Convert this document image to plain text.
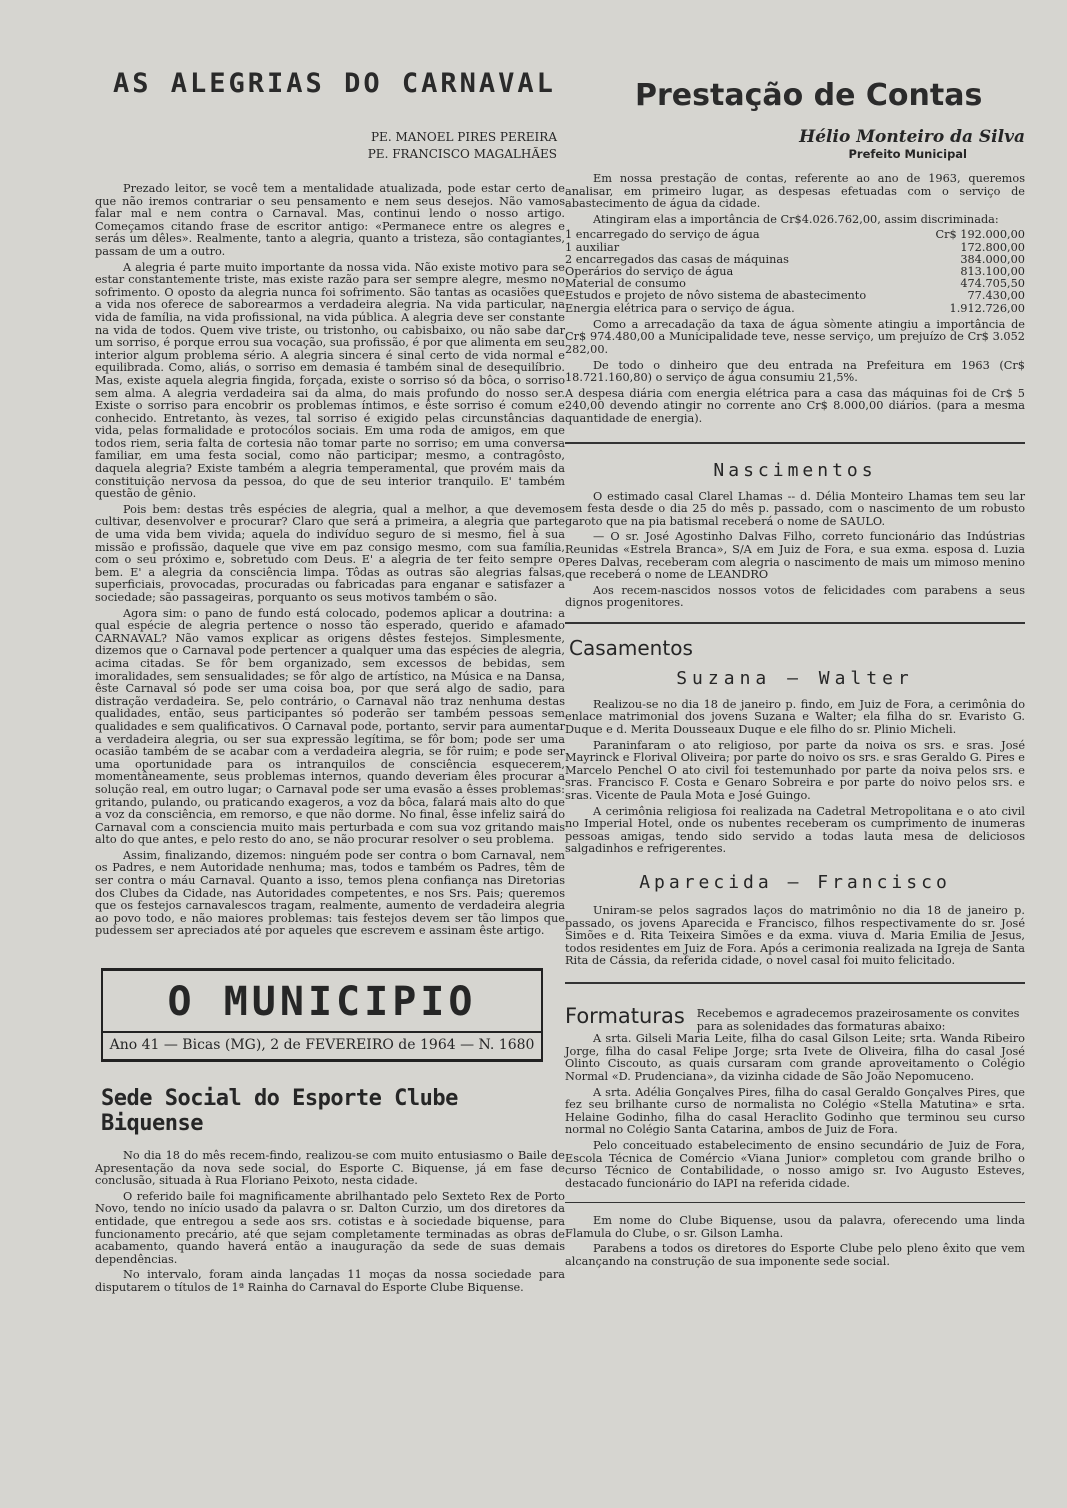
AS ALEGRIAS DO CARNAVAL
PE. MANOEL PIRES PEREIRA
PE. FRANCISCO MAGALHÃES

Prezado leitor, se você tem a mentalidade atualizada, pode estar certo de que não iremos contrariar o seu pensamento e nem seus desejos. Não vamos falar mal e nem contra o Carnaval. Mas, continui lendo o nosso artigo. Começamos citando frase de escritor antigo: «Permanece entre os alegres e serás um dêles». Realmente, tanto a alegria, quanto a tristeza, são contagiantes, passam de um a outro.

A alegria é parte muito importante da nossa vida. Não existe motivo para se estar constantemente triste, mas existe razão para ser sempre alegre, mesmo no sofrimento. O oposto da alegria nunca foi sofrimento. São tantas as ocasiões que a vida nos oferece de saborearmos a verdadeira alegria. Na vida particular, na vida de família, na vida profissional, na vida pública. A alegria deve ser constante na vida de todos. Quem vive triste, ou tristonho, ou cabisbaixo, ou não sabe dar um sorriso, é porque errou sua vocação, sua profissão, é por que alimenta em seu interior algum problema sério. A alegria sincera é sinal certo de vida normal e equilibrada. Como, aliás, o sorriso em demasia é também sinal de desequilíbrio. Mas, existe aquela alegria fingida, forçada, existe o sorriso só da bôca, o sorriso sem alma. A alegria verdadeira sai da alma, do mais profundo do nosso ser. Existe o sorriso para encobrir os problemas íntimos, e êste sorriso é comum e conhecido. Entretanto, às vezes, tal sorriso é exigido pelas circunstâncias da vida, pelas formalidade e protocólos sociais. Em uma roda de amigos, em que todos riem, seria falta de cortesia não tomar parte no sorriso; em uma conversa familiar, em uma festa social, como não participar; mesmo, a contragôsto, daquela alegria? Existe também a alegria temperamental, que provém mais da constituição nervosa da pessoa, do que de seu interior tranquilo. E' também questão de gênio.

Pois bem: destas três espécies de alegria, qual a melhor, a que devemos cultivar, desenvolver e procurar? Claro que será a primeira, a alegria que parte de uma vida bem vivida; aquela do indivíduo seguro de si mesmo, fiel à sua missão e profissão, daquele que vive em paz consigo mesmo, com sua família, com o seu próximo e, sobretudo com Deus. E' a alegria de ter feito sempre o bem. E' a alegria da consciência limpa. Tôdas as outras são alegrias falsas, superficiais, provocadas, procuradas ou fabricadas para enganar e satisfazer a sociedade; são passageiras, porquanto os seus motivos também o são.

Agora sim: o pano de fundo está colocado, podemos aplicar a doutrina: a qual espécie de alegria pertence o nosso tão esperado, querido e afamado CARNAVAL? Não vamos explicar as origens dêstes festejos. Simplesmente, dizemos que o Carnaval pode pertencer a qualquer uma das espécies de alegria, acima citadas. Se fôr bem organizado, sem excessos de bebidas, sem imoralidades, sem sensualidades; se fôr algo de artístico, na Música e na Dansa, êste Carnaval só pode ser uma coisa boa, por que será algo de sadio, para distração verdadeira. Se, pelo contrário, o Carnaval não traz nenhuma destas qualidades, então, seus participantes só poderão ser também pessoas sem qualidades e sem qualificativos. O Carnaval pode, portanto, servir para aumentar a verdadeira alegria, ou ser sua expressão legítima, se fôr bom; pode ser uma ocasião também de se acabar com a verdadeira alegria, se fôr ruim; e pode ser uma oportunidade para os intranquilos de consciência esquecerem, momentâneamente, seus problemas internos, quando deveriam êles procurar a solução real, em outro lugar; o Carnaval pode ser uma evasão a êsses problemas: gritando, pulando, ou praticando exageros, a voz da bôca, falará mais alto do que a voz da consciência, em remorso, e que não dorme. No final, êsse infeliz sairá do Carnaval com a consciencia muito mais perturbada e com sua voz gritando mais alto do que antes, e pelo resto do ano, se não procurar resolver o seu problema.

Assim, finalizando, dizemos: ninguém pode ser contra o bom Carnaval, nem os Padres, e nem Autoridade nenhuma; mas, todos e também os Padres, têm de ser contra o máu Carnaval. Quanto a isso, temos plena confiança nas Diretorias dos Clubes da Cidade, nas Autoridades competentes, e nos Srs. Pais; queremos que os festejos carnavalescos tragam, realmente, aumento de verdadeira alegria ao povo todo, e não maiores problemas: tais festejos devem ser tão limpos que pudessem ser apreciados até por aqueles que escrevem e assinam êste artigo.

O MUNICIPIO
Ano 41 — Bicas (MG), 2 de FEVEREIRO de 1964 — N. 1680
Sede Social do Esporte Clube Biquense

No dia 18 do mês recem-findo, realizou-se com muito entusiasmo o Baile de Apresentação da nova sede social, do Esporte C. Biquense, já em fase de conclusão, situada à Rua Floriano Peixoto, nesta cidade.

O referido baile foi magnificamente abrilhantado pelo Sexteto Rex de Porto Novo, tendo no início usado da palavra o sr. Dalton Curzio, um dos diretores da entidade, que entregou a sede aos srs. cotistas e à sociedade biquense, para funcionamento precário, até que sejam completamente terminadas as obras de acabamento, quando haverá então a inauguração da sede de suas demais dependências.

No intervalo, foram ainda lançadas 11 moças da nossa sociedade para disputarem o títulos de 1ª Rainha do Carnaval do Esporte Clube Biquense.

Prestação de Contas
Hélio Monteiro da Silva
Prefeito Municipal

Em nossa prestação de contas, referente ao ano de 1963, queremos analisar, em primeiro lugar, as despesas efetuadas com o serviço de abastecimento de água da cidade.

Atingiram elas a importância de Cr$4.026.762,00, assim discriminada:

1 encarregado do serviço de água	Cr$ 192.000,00
1 auxiliar	172.800,00
2 encarregados das casas de máquinas	384.000,00
Operários do serviço de água	813.100,00
Material de consumo	474.705,50
Estudos e projeto de nôvo sistema de abastecimento	77.430,00
Energia elétrica para o serviço de água.	1.912.726,00

Como a arrecadação da taxa de água sòmente atingiu a importância de Cr$ 974.480,00 a Municipalidade teve, nesse serviço, um prejuízo de Cr$ 3.052 282,00.

De todo o dinheiro que deu entrada na Prefeitura em 1963 (Cr$ 18.721.160,80) o serviço de água consumiu 21,5%.

A despesa diária com energia elétrica para a casa das máquinas foi de Cr$ 5 240,00 devendo atingir no corrente ano Cr$ 8.000,00 diários. (para a mesma quantidade de energia).

Nascimentos

O estimado casal Clarel Lhamas -- d. Délia Monteiro Lhamas tem seu lar em festa desde o dia 25 do mês p. passado, com o nascimento de um robusto garoto que na pia batismal receberá o nome de SAULO.

— O sr. José Agostinho Dalvas Filho, correto funcionário das Indústrias Reunidas «Estrela Branca», S/A em Juiz de Fora, e sua exma. esposa d. Luzia Peres Dalvas, receberam com alegria o nascimento de mais um mimoso menino que receberá o nome de LEANDRO

Aos recem-nascidos nossos votos de felicidades com parabens a seus dignos progenitores.

Casamentos
Suzana — Walter

Realizou-se no dia 18 de janeiro p. findo, em Juiz de Fora, a cerimônia do enlace matrimonial dos jovens Suzana e Walter; ela filha do sr. Evaristo G. Duque e d. Merita Dousseaux Duque e ele filho do sr. Plinio Micheli.

Paraninfaram o ato religioso, por parte da noiva os srs. e sras. José Mayrinck e Florival Oliveira; por parte do noivo os srs. e sras Geraldo G. Pires e Marcelo Penchel O ato civil foi testemunhado por parte da noiva pelos srs. e sras. Francisco F. Costa e Genaro Sobreira e por parte do noivo pelos srs. e sras. Vicente de Paula Mota e José Guingo.

A cerimônia religiosa foi realizada na Cadetral Metropolitana e o ato civil no Imperial Hotel, onde os nubentes receberam os cumprimento de inumeras pessoas amigas, tendo sido servido a todas lauta mesa de deliciosos salgadinhos e refrigerentes.

Aparecida — Francisco

Uniram-se pelos sagrados laços do matrimônio no dia 18 de janeiro p. passado, os jovens Aparecida e Francisco, filhos respectivamente do sr. José Simões e d. Rita Teixeira Simões e da exma. viuva d. Maria Emilia de Jesus, todos residentes em Juiz de Fora. Após a cerimonia realizada na Igreja de Santa Rita de Cássia, da referida cidade, o novel casal foi muito felicitado.

Formaturas Recebemos e agradecemos prazeirosamente os convites para as solenidades das formaturas abaixo:

A srta. Gilseli Maria Leite, filha do casal Gilson Leite; srta. Wanda Ribeiro Jorge, filha do casal Felipe Jorge; srta Ivete de Oliveira, filha do casal José Olinto Ciscouto, as quais cursaram com grande aproveitamento o Colégio Normal «D. Prudenciana», da vizinha cidade de São João Nepomuceno.

A srta. Adélia Gonçalves Pires, filha do casal Geraldo Gonçalves Pires, que fez seu brilhante curso de normalista no Colégio «Stella Matutina» e srta. Helaine Godinho, filha do casal Heraclito Godinho que terminou seu curso normal no Colégio Santa Catarina, ambos de Juiz de Fora.

Pelo conceituado estabelecimento de ensino secundário de Juiz de Fora, Escola Técnica de Comércio «Viana Junior» completou com grande brilho o curso Técnico de Contabilidade, o nosso amigo sr. Ivo Augusto Esteves, destacado funcionário do IAPI na referida cidade.

Em nome do Clube Biquense, usou da palavra, oferecendo uma linda Flamula do Clube, o sr. Gilson Lamha.

Parabens a todos os diretores do Esporte Clube pelo pleno êxito que vem alcançando na construção de sua imponente sede social.
